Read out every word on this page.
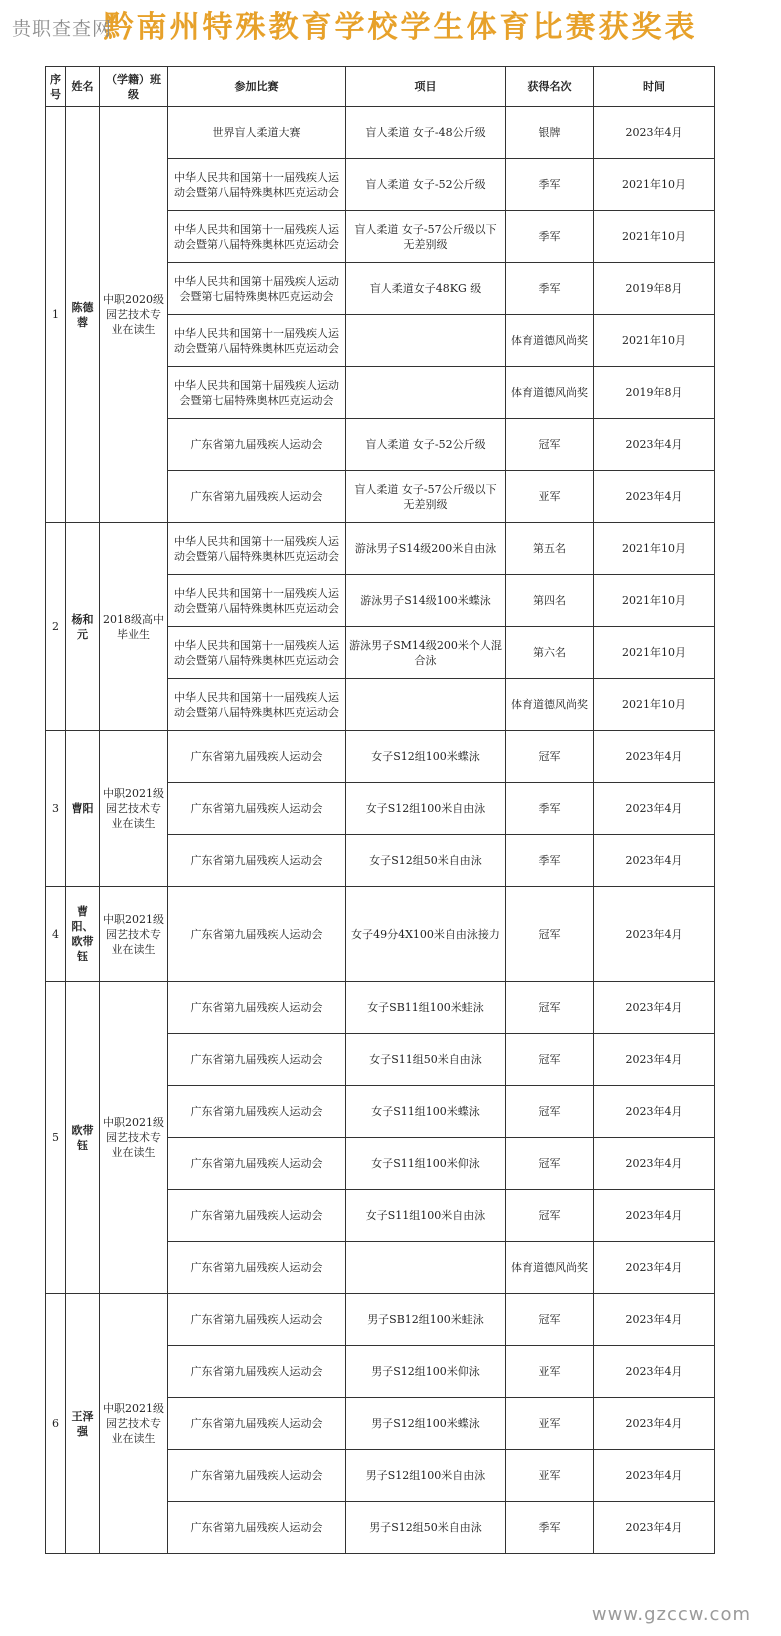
贵职查查网
黔南州特殊教育学校学生体育比赛获奖表
序号	姓名	（学籍）班级	参加比赛	项目	获得名次	时间
1	陈德蓉	中职2020级园艺技术专业在读生	世界盲人柔道大赛	盲人柔道 女子-48公斤级	银牌	2023年4月
			中华人民共和国第十一届残疾人运动会暨第八届特殊奥林匹克运动会	盲人柔道 女子-52公斤级	季军	2021年10月
			中华人民共和国第十一届残疾人运动会暨第八届特殊奥林匹克运动会	盲人柔道 女子-57公斤级以下无差别级	季军	2021年10月
			中华人民共和国第十届残疾人运动会暨第七届特殊奥林匹克运动会	盲人柔道女子48KG 级	季军	2019年8月
			中华人民共和国第十一届残疾人运动会暨第八届特殊奥林匹克运动会		体育道德风尚奖	2021年10月
			中华人民共和国第十届残疾人运动会暨第七届特殊奥林匹克运动会		体育道德风尚奖	2019年8月
			广东省第九届残疾人运动会	盲人柔道 女子-52公斤级	冠军	2023年4月
			广东省第九届残疾人运动会	盲人柔道 女子-57公斤级以下无差别级	亚军	2023年4月
2	杨和元	2018级高中毕业生	中华人民共和国第十一届残疾人运动会暨第八届特殊奥林匹克运动会	游泳男子S14级200米自由泳	第五名	2021年10月
			中华人民共和国第十一届残疾人运动会暨第八届特殊奥林匹克运动会	游泳男子S14级100米蝶泳	第四名	2021年10月
			中华人民共和国第十一届残疾人运动会暨第八届特殊奥林匹克运动会	游泳男子SM14级200米个人混合泳	第六名	2021年10月
			中华人民共和国第十一届残疾人运动会暨第八届特殊奥林匹克运动会		体育道德风尚奖	2021年10月
3	曹阳	中职2021级园艺技术专业在读生	广东省第九届残疾人运动会	女子S12组100米蝶泳	冠军	2023年4月
			广东省第九届残疾人运动会	女子S12组100米自由泳	季军	2023年4月
			广东省第九届残疾人运动会	女子S12组50米自由泳	季军	2023年4月
4	曹阳、欧带钰	中职2021级园艺技术专业在读生	广东省第九届残疾人运动会	女子49分4X100米自由泳接力	冠军	2023年4月
5	欧带钰	中职2021级园艺技术专业在读生	广东省第九届残疾人运动会	女子SB11组100米蛙泳	冠军	2023年4月
			广东省第九届残疾人运动会	女子S11组50米自由泳	冠军	2023年4月
			广东省第九届残疾人运动会	女子S11组100米蝶泳	冠军	2023年4月
			广东省第九届残疾人运动会	女子S11组100米仰泳	冠军	2023年4月
			广东省第九届残疾人运动会	女子S11组100米自由泳	冠军	2023年4月
			广东省第九届残疾人运动会		体育道德风尚奖	2023年4月
6	王泽强	中职2021级园艺技术专业在读生	广东省第九届残疾人运动会	男子SB12组100米蛙泳	冠军	2023年4月
			广东省第九届残疾人运动会	男子S12组100米仰泳	亚军	2023年4月
			广东省第九届残疾人运动会	男子S12组100米蝶泳	亚军	2023年4月
			广东省第九届残疾人运动会	男子S12组100米自由泳	亚军	2023年4月
			广东省第九届残疾人运动会	男子S12组50米自由泳	季军	2023年4月
www.gzccw.com
